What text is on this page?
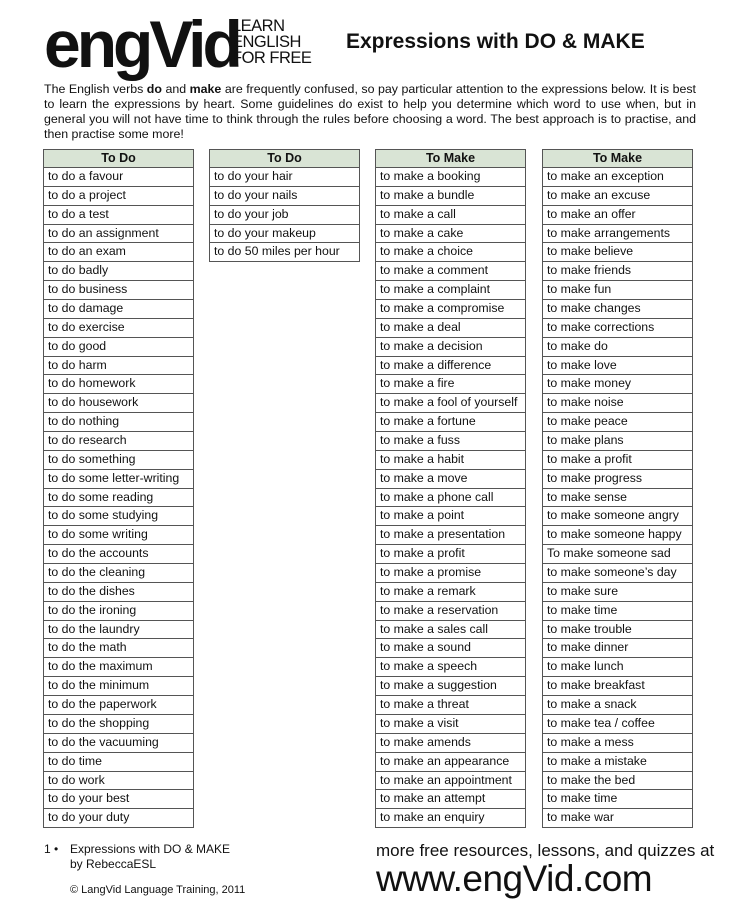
engVid
LEARN
ENGLISH
FOR FREE
Expressions with DO & MAKE

The English verbs do and make are frequently confused, so pay particular attention to the expressions below. It is best to learn the expressions by heart. Some guidelines do exist to help you determine which word to use when, but in general you will not have time to think through the rules before choosing a word. The best approach is to practise, and then practise some more!

To Do
to do a favour
to do a project
to do a test
to do an assignment
to do an exam
to do badly
to do business
to do damage
to do exercise
to do good
to do harm
to do homework
to do housework
to do nothing
to do research
to do something
to do some letter-writing
to do some reading
to do some studying
to do some writing
to do the accounts
to do the cleaning
to do the dishes
to do the ironing
to do the laundry
to do the math
to do the maximum
to do the minimum
to do the paperwork
to do the shopping
to do the vacuuming
to do time
to do work
to do your best
to do your duty
To Do
to do your hair
to do your nails
to do your job
to do your makeup
to do 50 miles per hour
To Make
to make a booking
to make a bundle
to make a call
to make a cake
to make a choice
to make a comment
to make a complaint
to make a compromise
to make a deal
to make a decision
to make a difference
to make a fire
to make a fool of yourself
to make a fortune
to make a fuss
to make a habit
to make a move
to make a phone call
to make a point
to make a presentation
to make a profit
to make a promise
to make a remark
to make a reservation
to make a sales call
to make a sound
to make a speech
to make a suggestion
to make a threat
to make a visit
to make amends
to make an appearance
to make an appointment
to make an attempt
to make an enquiry
To Make
to make an exception
to make an excuse
to make an offer
to make arrangements
to make believe
to make friends
to make fun
to make changes
to make corrections
to make do
to make love
to make money
to make noise
to make peace
to make plans
to make a profit
to make progress
to make sense
to make someone angry
to make someone happy
To make someone sad
to make someone’s day
to make sure
to make time
to make trouble
to make dinner
to make lunch
to make breakfast
to make a snack
to make tea / coffee
to make a mess
to make a mistake
to make the bed
to make time
to make war
1 • Expressions with DO & MAKE
by RebeccaESL
© LangVid Language Training, 2011
more free resources, lessons, and quizzes at
www.engVid.com
